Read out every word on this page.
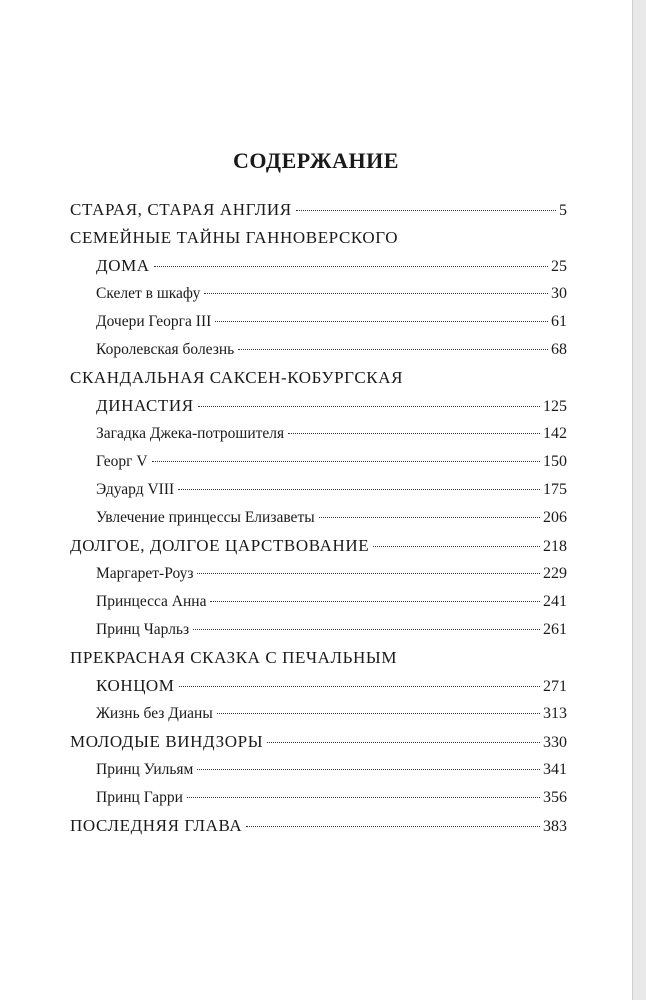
СОДЕРЖАНИЕ
СТАРАЯ, СТАРАЯ АНГЛИЯ	5
СЕМЕЙНЫЕ ТАЙНЫ ГАННОВЕРСКОГО
ДОМА	25
Скелет в шкафу	30
Дочери Георга III	61
Королевская болезнь	68
СКАНДАЛЬНАЯ САКСЕН-КОБУРГСКАЯ
ДИНАСТИЯ	125
Загадка Джека-потрошителя	142
Георг V	150
Эдуард VIII	175
Увлечение принцессы Елизаветы	206
ДОЛГОЕ, ДОЛГОЕ ЦАРСТВОВАНИЕ	218
Маргарет-Роуз	229
Принцесса Анна	241
Принц Чарльз	261
ПРЕКРАСНАЯ СКАЗКА С ПЕЧАЛЬНЫМ
КОНЦОМ	271
Жизнь без Дианы	313
МОЛОДЫЕ ВИНДЗОРЫ	330
Принц Уильям	341
Принц Гарри	356
ПОСЛЕДНЯЯ ГЛАВА	383
